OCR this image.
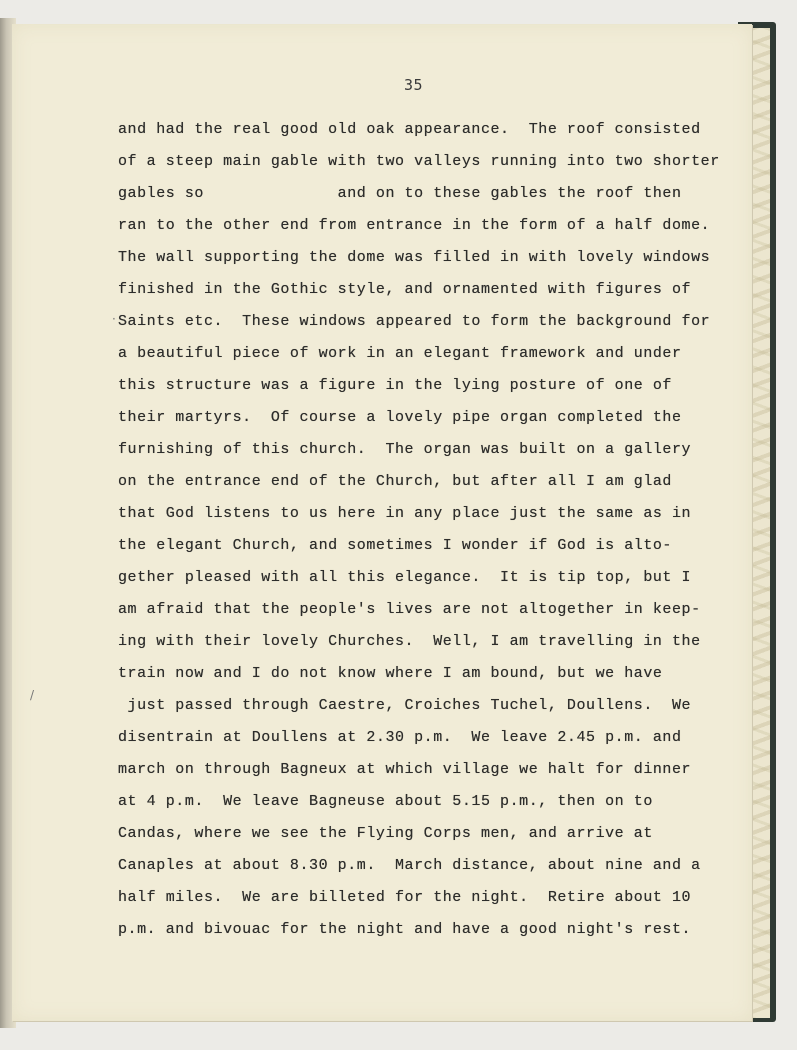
·
/
35
and had the real good old oak appearance.  The roof consisted
of a steep main gable with two valleys running into two shorter
gables so              and on to these gables the roof then
ran to the other end from entrance in the form of a half dome.
The wall supporting the dome was filled in with lovely windows
finished in the Gothic style, and ornamented with figures of
Saints etc.  These windows appeared to form the background for
a beautiful piece of work in an elegant framework and under
this structure was a figure in the lying posture of one of
their martyrs.  Of course a lovely pipe organ completed the
furnishing of this church.  The organ was built on a gallery
on the entrance end of the Church, but after all I am glad
that God listens to us here in any place just the same as in
the elegant Church, and sometimes I wonder if God is alto-
gether pleased with all this elegance.  It is tip top, but I
am afraid that the people's lives are not altogether in keep-
ing with their lovely Churches.  Well, I am travelling in the
train now and I do not know where I am bound, but we have
just passed through Caestre, Croiches Tuchel, Doullens.  We
disentrain at Doullens at 2.30 p.m.  We leave 2.45 p.m. and
march on through Bagneux at which village we halt for dinner
at 4 p.m.  We leave Bagneuse about 5.15 p.m., then on to
Candas, where we see the Flying Corps men, and arrive at
Canaples at about 8.30 p.m.  March distance, about nine and a
half miles.  We are billeted for the night.  Retire about 10
p.m. and bivouac for the night and have a good night's rest.
